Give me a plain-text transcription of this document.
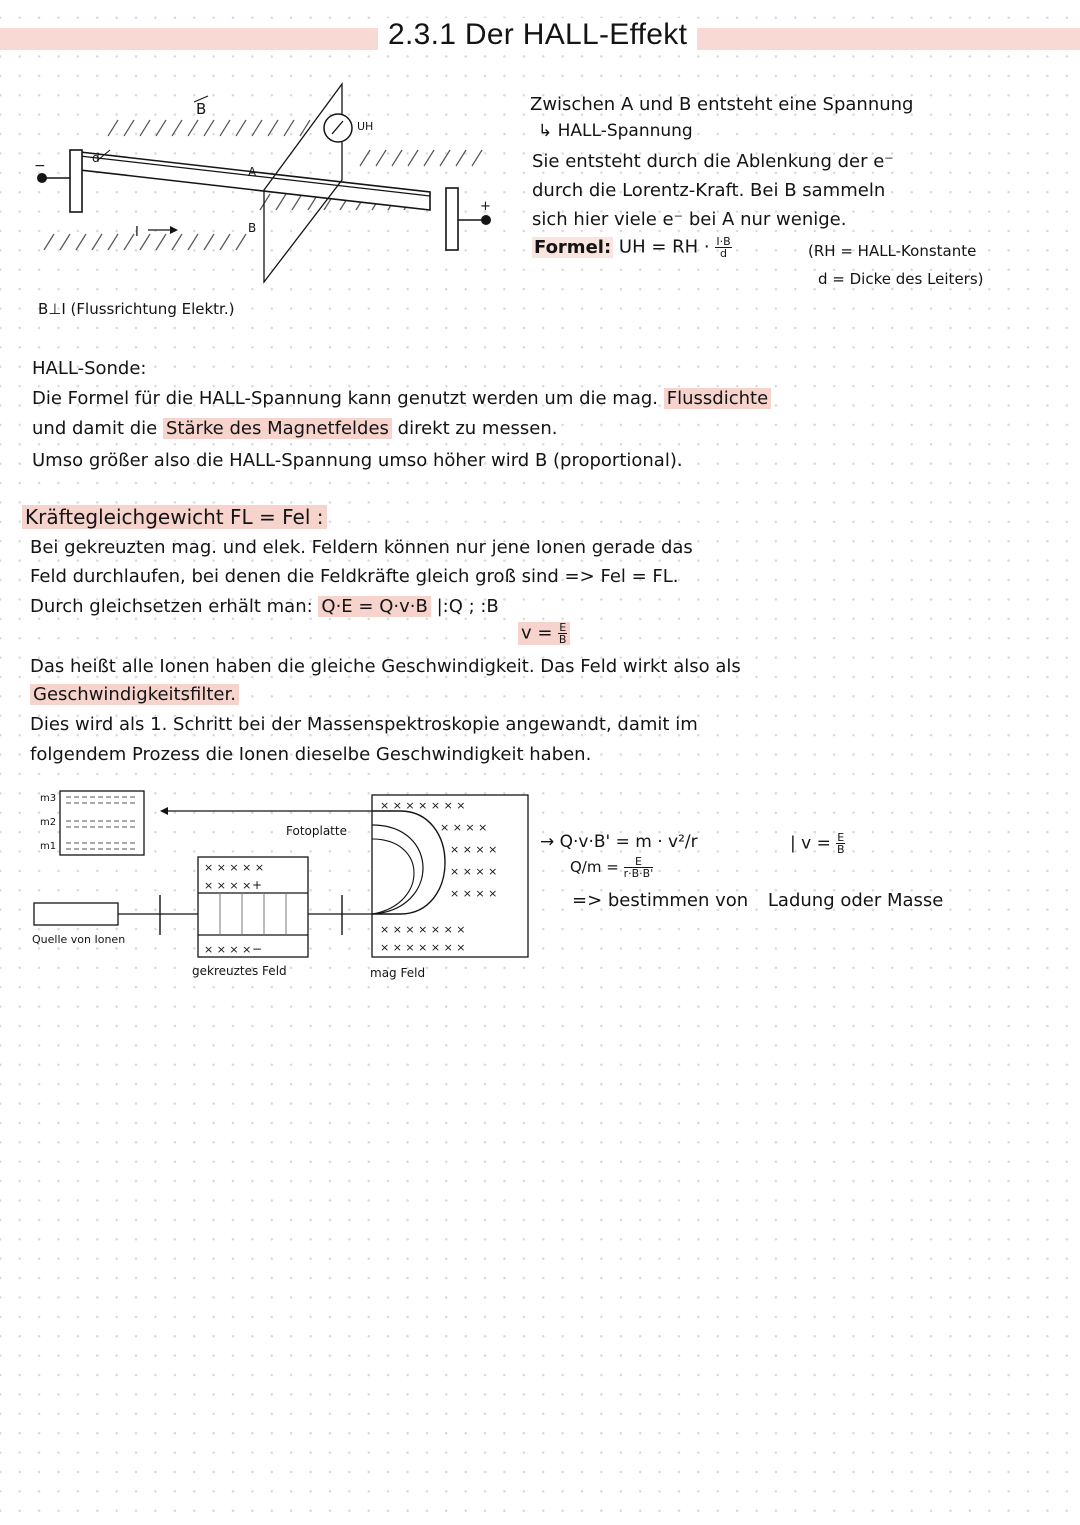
2.3.1 Der HALL-Effekt
B
−
+
d
A
B
UH
I
B⊥I (Flussrichtung Elektr.)
Zwischen A und B entsteht eine Spannung
↳ HALL-Spannung
Sie entsteht durch die Ablenkung der e⁻
durch die Lorentz-Kraft. Bei B sammeln
sich hier viele e⁻ bei A nur wenige.
Formel: UH = RH · $\frac{I\cdot B}{d}$	(RH = HALL-Konstante
d = Dicke des Leiters)
HALL-Sonde:
Die Formel für die HALL-Spannung kann genutzt werden um die mag. Flussdichte
und damit die Stärke des Magnetfeldes direkt zu messen.
Umso größer also die HALL-Spannung umso höher wird B (proportional).
Kräftegleichgewicht FL = Fel :
Bei gekreuzten mag. und elek. Feldern können nur jene Ionen gerade das
Feld durchlaufen, bei denen die Feldkräfte gleich groß sind => Fel = FL.
Durch gleichsetzen erhält man: Q·E = Q·v·B |:Q ; :B
$v = \frac{E}{B}$
Das heißt alle Ionen haben die gleiche Geschwindigkeit. Das Feld wirkt also als
Geschwindigkeitsfilter.
Dies wird als 1. Schritt bei der Massenspektroskopie angewandt, damit im
folgendem Prozess die Ionen dieselbe Geschwindigkeit haben.
m3
m2
m1
Fotoplatte
Quelle von Ionen
× × × × ×
× × × ×
× × × ×
+
−
gekreuztes Feld
× × × × × × ×
× × × ×
× × × ×
× × × ×
× × × ×
× × × × × × ×
× × × × × × ×
mag Feld
→ Q·v·B' = m · v²/r
$Q/m = \frac{E}{r\cdot B\cdot B'}$
=> bestimmen von Ladung oder Masse
| $v = \frac{E}{B}$
